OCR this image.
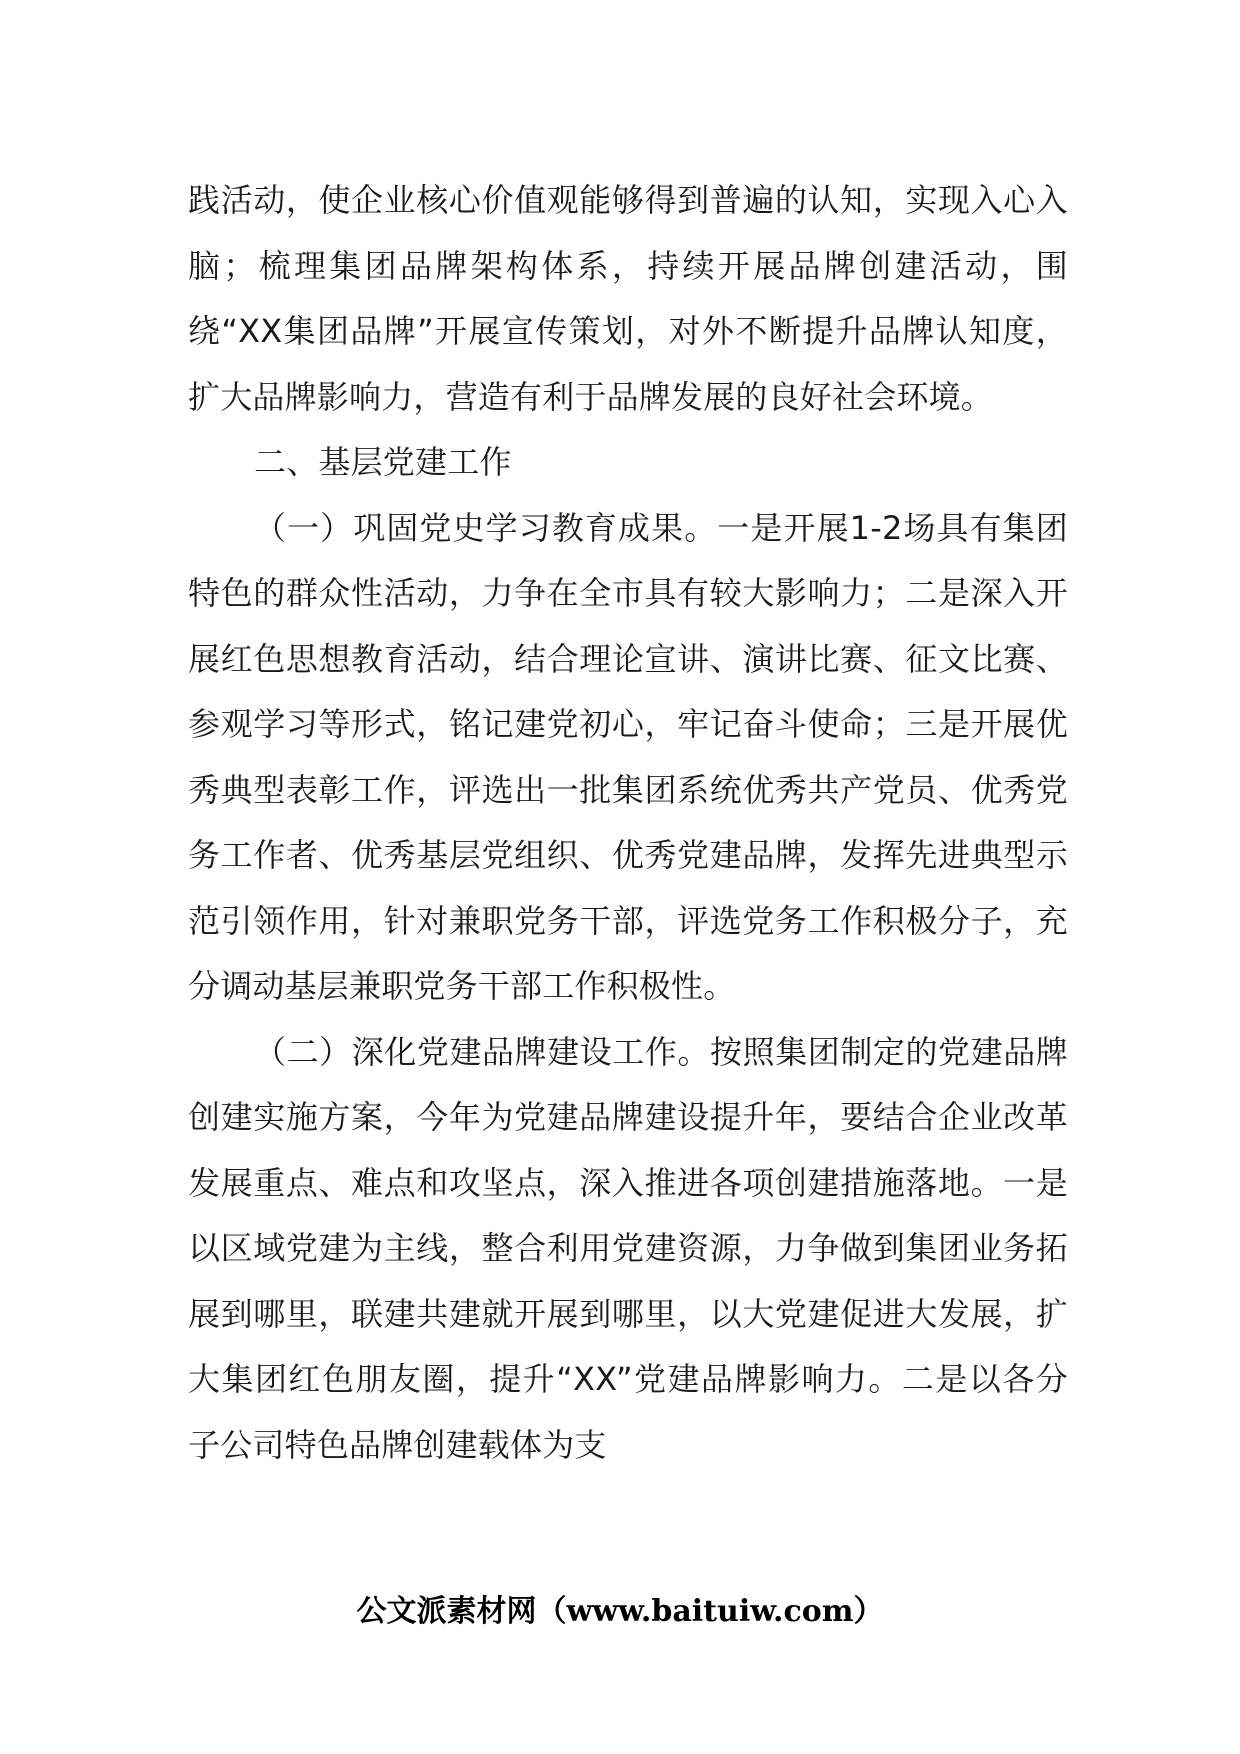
践活动，使企业核心价值观能够得到普遍的认知，实现入心入脑；梳理集团品牌架构体系，持续开展品牌创建活动，围绕“XX集团品牌”开展宣传策划，对外不断提升品牌认知度，扩大品牌影响力，营造有利于品牌发展的良好社会环境。

二、基层党建工作

（一）巩固党史学习教育成果。一是开展1-2场具有集团特色的群众性活动，力争在全市具有较大影响力；二是深入开展红色思想教育活动，结合理论宣讲、演讲比赛、征文比赛、参观学习等形式，铭记建党初心，牢记奋斗使命；三是开展优秀典型表彰工作，评选出一批集团系统优秀共产党员、优秀党务工作者、优秀基层党组织、优秀党建品牌，发挥先进典型示范引领作用，针对兼职党务干部，评选党务工作积极分子，充分调动基层兼职党务干部工作积极性。

（二）深化党建品牌建设工作。按照集团制定的党建品牌创建实施方案，今年为党建品牌建设提升年，要结合企业改革发展重点、难点和攻坚点，深入推进各项创建措施落地。一是以区域党建为主线，整合利用党建资源，力争做到集团业务拓展到哪里，联建共建就开展到哪里，以大党建促进大发展，扩大集团红色朋友圈，提升“XX”党建品牌影响力。二是以各分子公司特色品牌创建载体为支

公文派素材网（www.baituiw.com）
